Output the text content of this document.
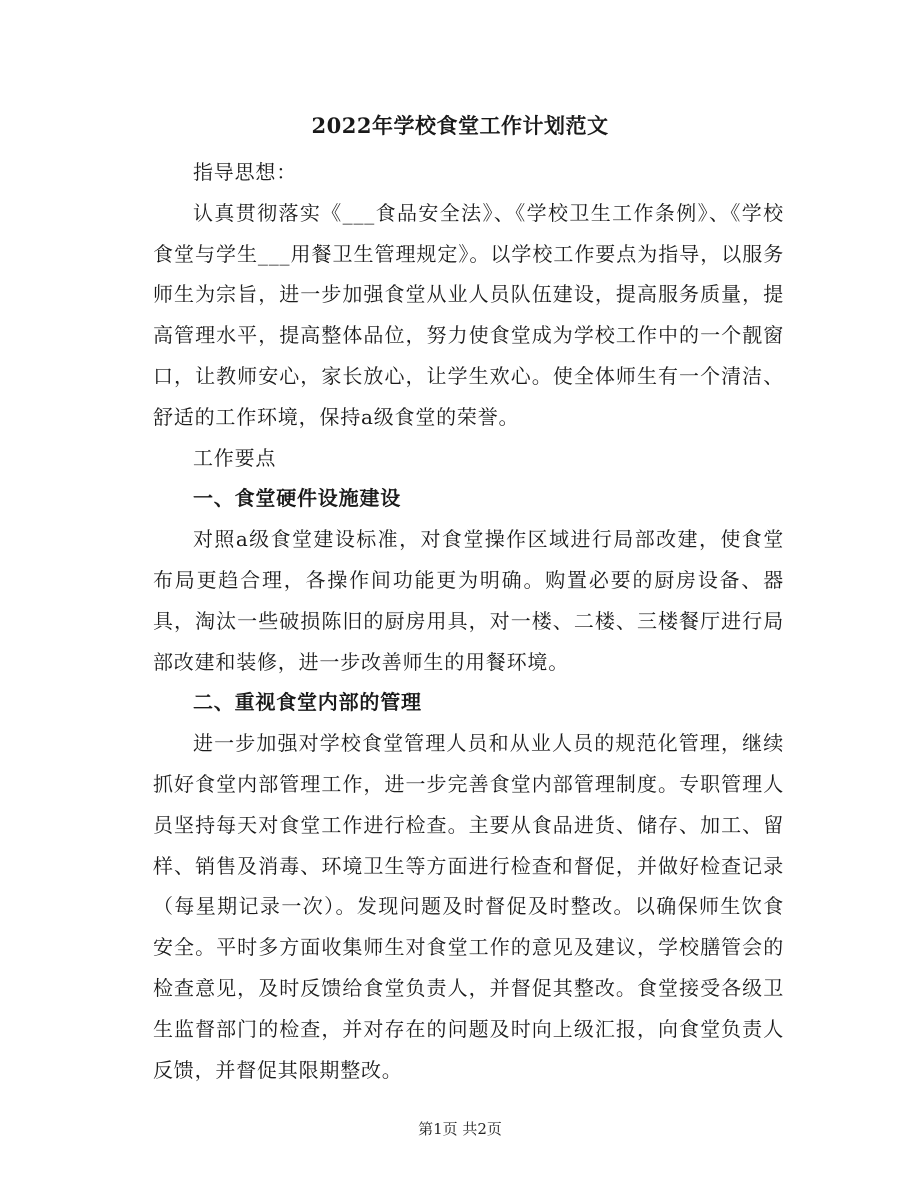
2022年学校食堂工作计划范文

指导思想：

认真贯彻落实《___食品安全法》、《学校卫生工作条例》、《学校食堂与学生___用餐卫生管理规定》。以学校工作要点为指导，以服务师生为宗旨，进一步加强食堂从业人员队伍建设，提高服务质量，提高管理水平，提高整体品位，努力使食堂成为学校工作中的一个靓窗口，让教师安心，家长放心，让学生欢心。使全体师生有一个清洁、舒适的工作环境，保持a级食堂的荣誉。

工作要点

一、食堂硬件设施建设

对照a级食堂建设标准，对食堂操作区域进行局部改建，使食堂布局更趋合理，各操作间功能更为明确。购置必要的厨房设备、器具，淘汰一些破损陈旧的厨房用具，对一楼、二楼、三楼餐厅进行局部改建和装修，进一步改善师生的用餐环境。

二、重视食堂内部的管理

进一步加强对学校食堂管理人员和从业人员的规范化管理，继续抓好食堂内部管理工作，进一步完善食堂内部管理制度。专职管理人员坚持每天对食堂工作进行检查。主要从食品进货、储存、加工、留样、销售及消毒、环境卫生等方面进行检查和督促，并做好检查记录（每星期记录一次）。发现问题及时督促及时整改。以确保师生饮食安全。平时多方面收集师生对食堂工作的意见及建议，学校膳管会的检查意见，及时反馈给食堂负责人，并督促其整改。食堂接受各级卫生监督部门的检查，并对存在的问题及时向上级汇报，向食堂负责人反馈，并督促其限期整改。

第1页 共2页
